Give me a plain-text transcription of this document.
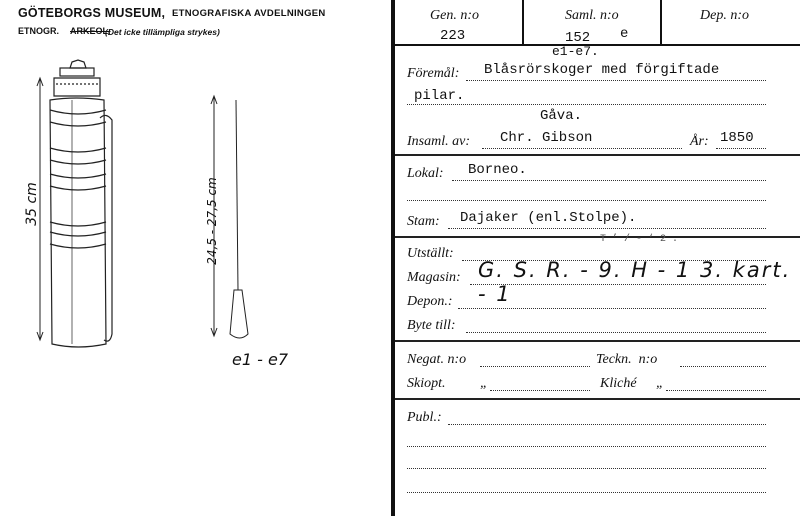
GÖTEBORGS MUSEUM, ETNOGRAFISKA AVDELNINGEN
ETNOGR. ARKEOL.
(Det icke tillämpliga strykes)
35 cm	24,5 - 27,5 cm
e1 - e7
Gen. n:o
223
Saml. n:o
152 e
Dep. n:o
e1-e7.
Föremål: Blåsrörskoger med förgiftade
pilar.
Gåva.
Insaml. av: Chr. Gibson	År: 1850
Lokal: Borneo.
Stam: Dajaker (enl.Stolpe).
T ’ / - ‘ 2 .
Utställt:
Magasin: G. S. R. - 9. H - 1 3. kart. - 1
Depon.:
Byte till:
Negat. n:o	Teckn.  n:o
Skiopt. „	Kliché „
Publ.:
